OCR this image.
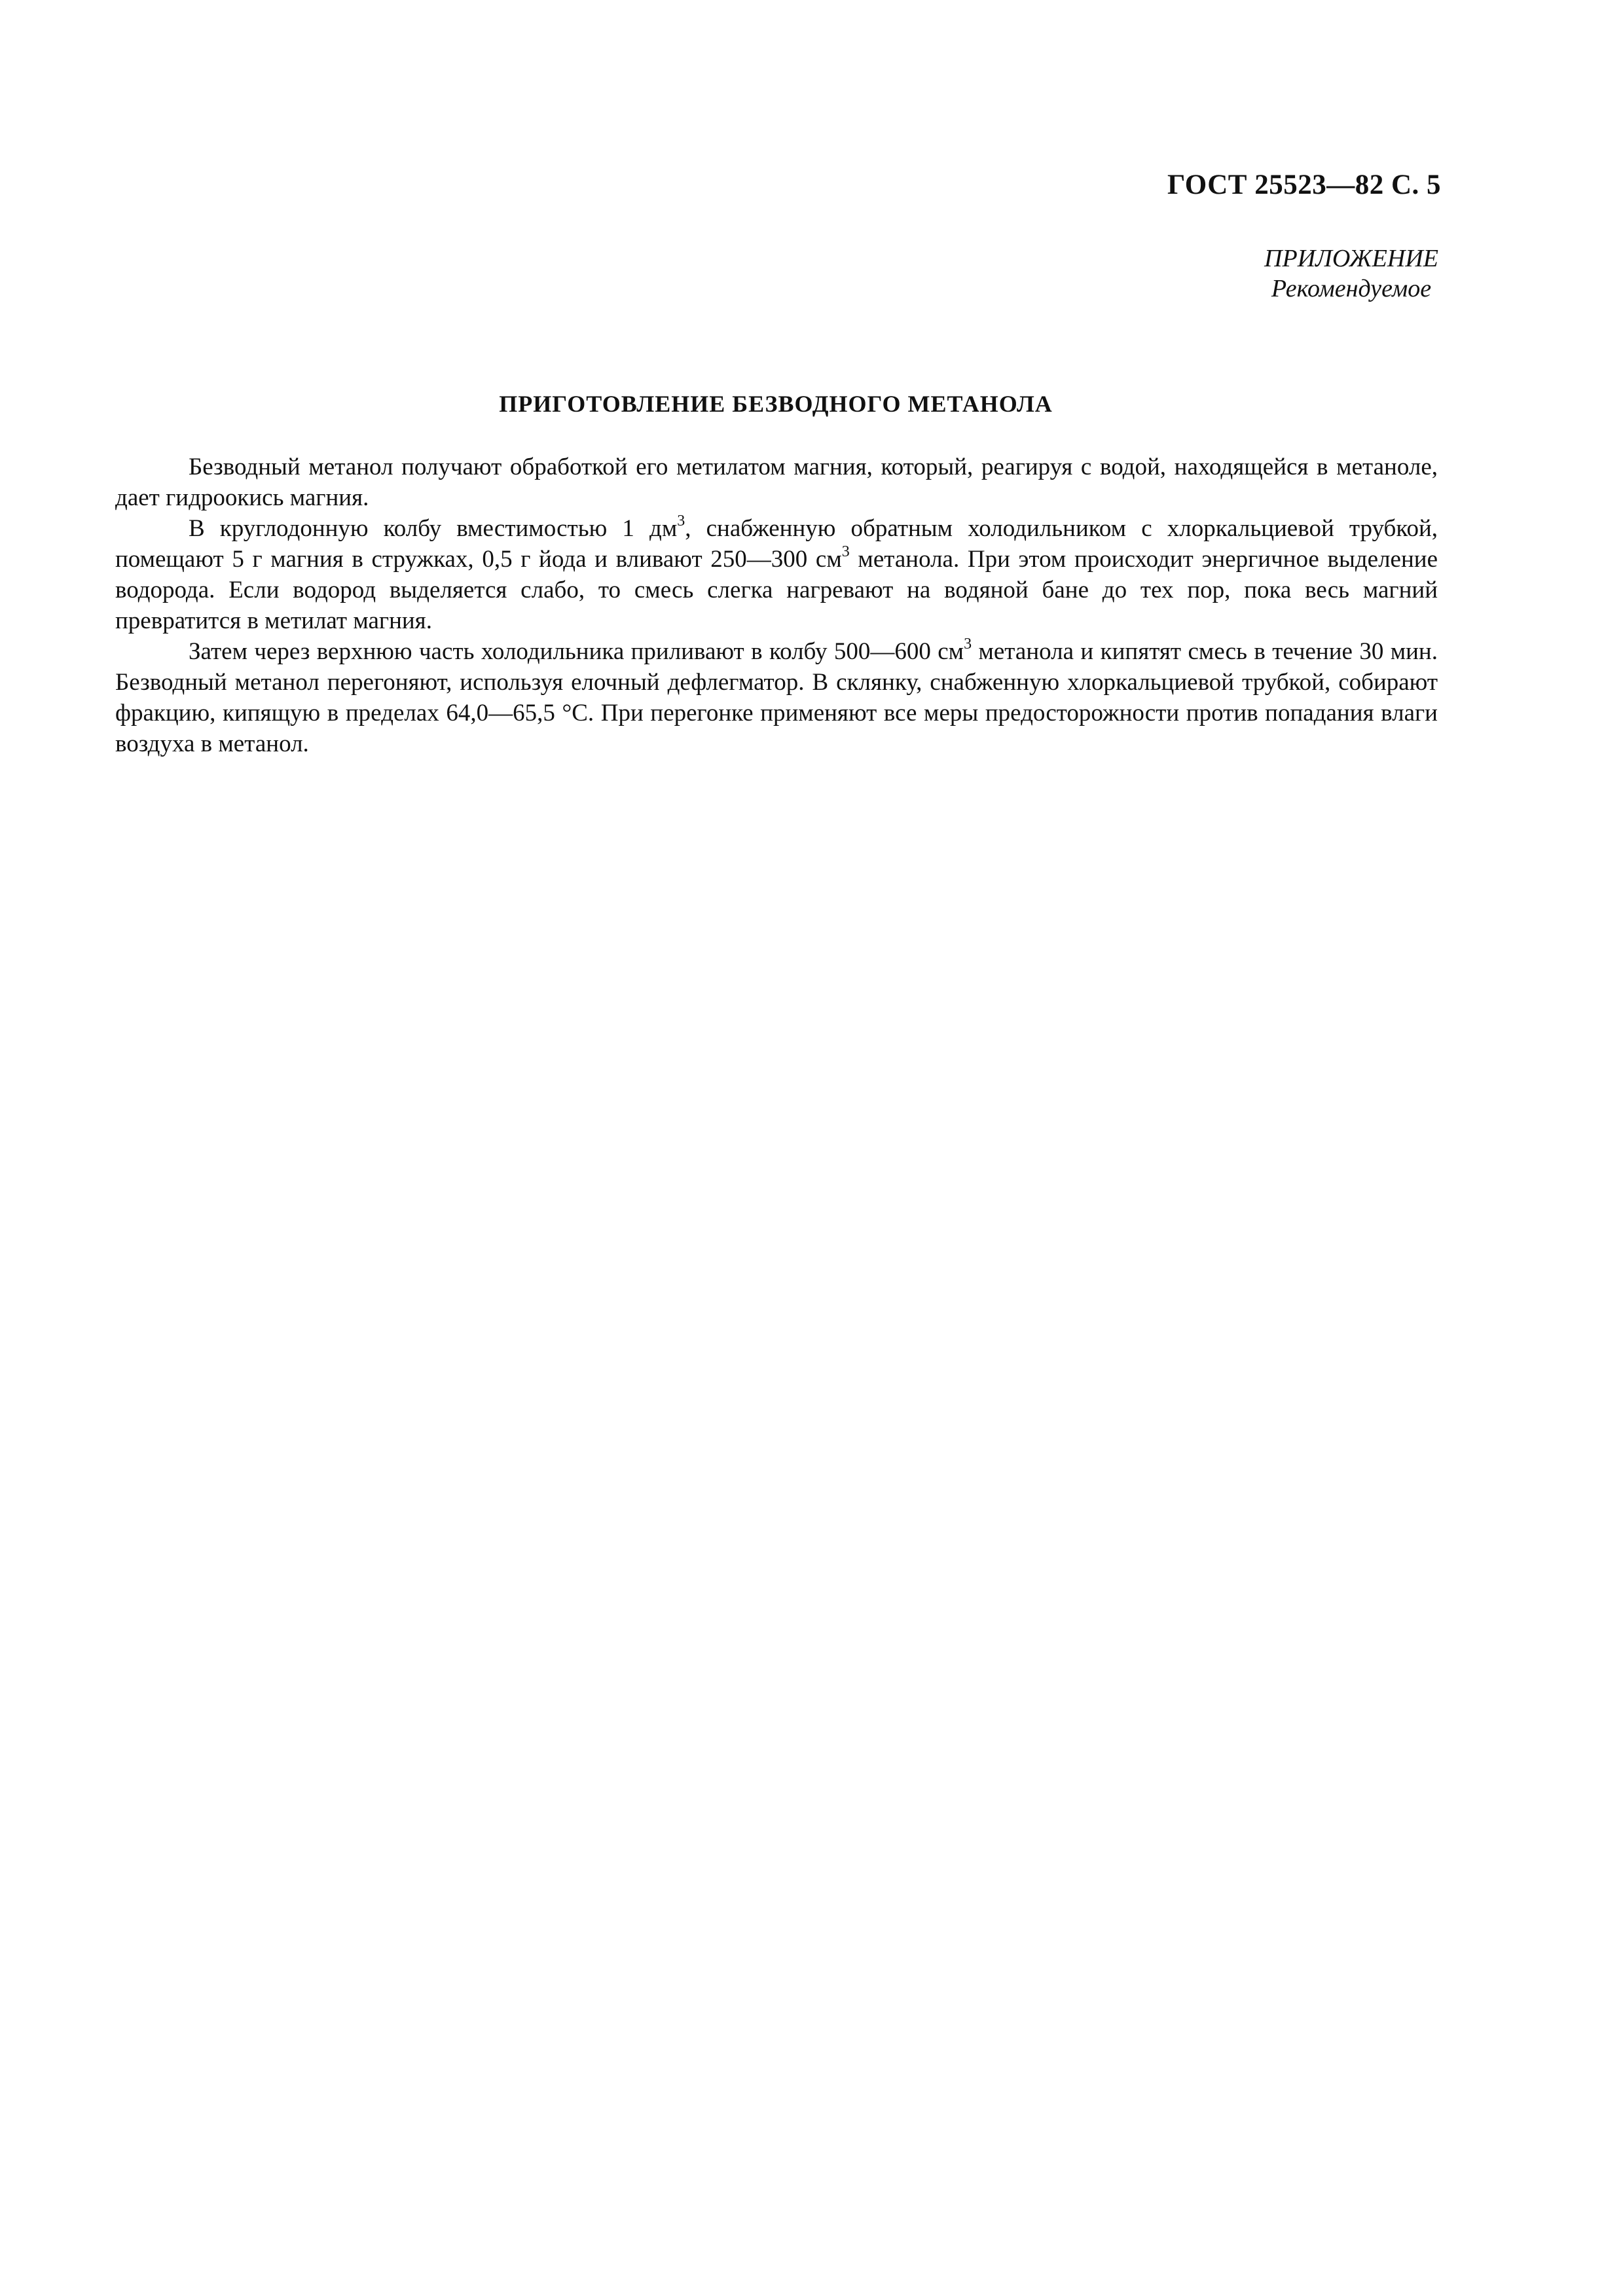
ГОСТ 25523—82 С. 5
ПРИЛОЖЕНИЕ
Рекомендуемое
ПРИГОТОВЛЕНИЕ БЕЗВОДНОГО МЕТАНОЛА

Безводный метанол получают обработкой его метилатом магния, который, реагируя с водой, находящейся в метаноле, дает гидроокись магния.

В круглодонную колбу вместимостью 1 $дм^3$, снабженную обратным холодильником с хлоркальциевой трубкой, помещают 5 г магния в стружках, 0,5 г йода и вливают 250—300 $см^3$ метанола. При этом происходит энергичное выделение водорода. Если водород выделяется слабо, то смесь слегка нагревают на водяной бане до тех пор, пока весь магний превратится в метилат магния.

Затем через верхнюю часть холодильника приливают в колбу 500—600 $см^3$ метанола и кипятят смесь в течение 30 мин. Безводный метанол перегоняют, используя елочный дефлегматор. В склянку, снабженную хлоркальциевой трубкой, собирают фракцию, кипящую в пределах 64,0—65,5 °С. При перегонке применяют все меры предосторожности против попадания влаги воздуха в метанол.
